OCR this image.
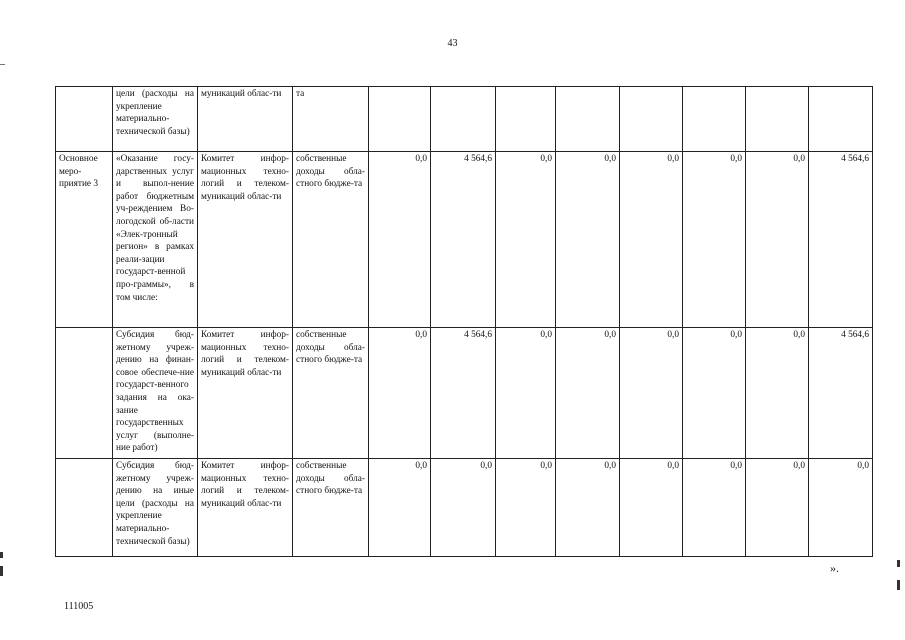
43
	цели (расходы на укрепление материально-технической базы)	муникаций облас-ти	та								
Основное меро-приятие 3	«Оказание госу-дарственных услуг и выпол-нение работ бюджетным уч-реждением Во-логодской об-ласти «Элек-тронный регион» в рамках реали-зации государст-венной про-граммы», в том числе:	Комитет инфор-мационных техно-логий и телеком-муникаций облас-ти	собственные доходы обла-стного бюдже-та	0,0	4 564,6	0,0	0,0	0,0	0,0	0,0	4 564,6
	Субсидия бюд-жетному учреж-дению на финан-совое обеспече-ние государст-венного задания на ока-зание государственных услуг (выполне-ние работ)	Комитет инфор-мационных техно-логий и телеком-муникаций облас-ти	собственные доходы обла-стного бюдже-та	0,0	4 564,6	0,0	0,0	0,0	0,0	0,0	4 564,6
	Субсидия бюд-жетному учреж-дению на иные цели (расходы на укрепление материально-технической базы)	Комитет инфор-мационных техно-логий и телеком-муникаций облас-ти	собственные доходы обла-стного бюдже-та	0,0	0,0	0,0	0,0	0,0	0,0	0,0	0,0
».
111005
